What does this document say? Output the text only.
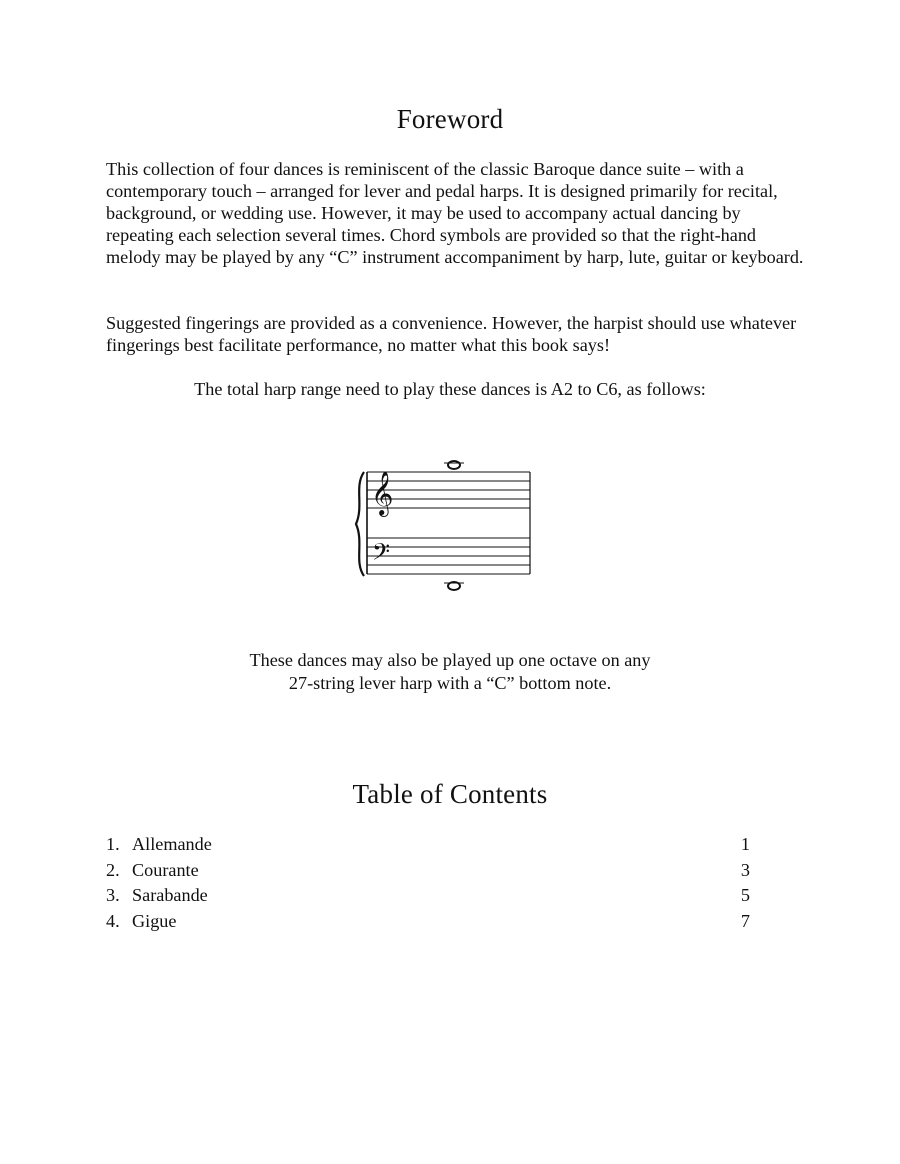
Foreword

This collection of four dances is reminiscent of the classic Baroque dance suite – with a contemporary touch – arranged for lever and pedal harps. It is designed primarily for recital, background, or wedding use. However, it may be used to accompany actual dancing by repeating each selection several times. Chord symbols are provided so that the right-hand melody may be played by any “C” instrument accompaniment by harp, lute, guitar or keyboard.

Suggested fingerings are provided as a convenience. However, the harpist should use whatever fingerings best facilitate performance, no matter what this book says!

The total harp range need to play these dances is A2 to C6, as follows:

𝄞
𝄢

These dances may also be played up one octave on any

27-string lever harp with a “C” bottom note.

Table of Contents
1. Allemande	1
2. Courante	3
3. Sarabande	5
4. Gigue	7
